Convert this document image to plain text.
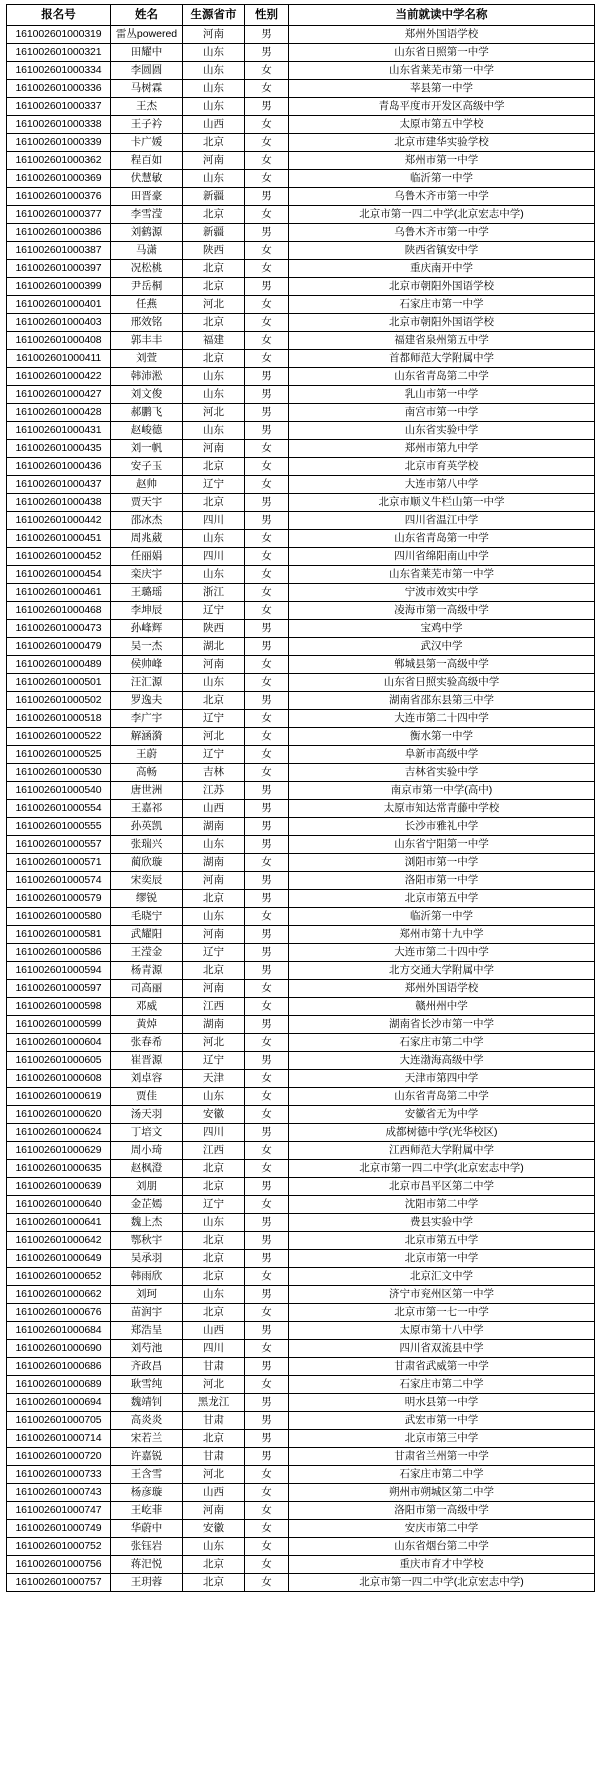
报名号	姓名	生源省市	性别	当前就读中学名称
161002601000319	雷丛powered	河南	男	郑州外国语学校
161002601000321	田耀中	山东	男	山东省日照第一中学
161002601000334	李圆圆	山东	女	山东省莱芜市第一中学
161002601000336	马树霖	山东	女	莘县第一中学
161002601000337	王杰	山东	男	青岛平度市开发区高级中学
161002601000338	王子衿	山西	女	太原市第五中学校
161002601000339	卡广媛	北京	女	北京市建华实验学校
161002601000362	程百如	河南	女	郑州市第一中学
161002601000369	伏慧敏	山东	女	临沂第一中学
161002601000376	田晋豪	新疆	男	乌鲁木齐市第一中学
161002601000377	李雪滢	北京	女	北京市第一四二中学(北京宏志中学)
161002601000386	刘鹤源	新疆	男	乌鲁木齐市第一中学
161002601000387	马潇	陕西	女	陕西省镇安中学
161002601000397	况松桃	北京	女	重庆南开中学
161002601000399	尹岳桐	北京	男	北京市朝阳外国语学校
161002601000401	任燕	河北	女	石家庄市第一中学
161002601000403	邢效铭	北京	女	北京市朝阳外国语学校
161002601000408	郭丰丰	福建	女	福建省泉州第五中学
161002601000411	刘萱	北京	女	首都师范大学附属中学
161002601000422	韩沛淞	山东	男	山东省青岛第二中学
161002601000427	刘文俊	山东	男	乳山市第一中学
161002601000428	郝鹏飞	河北	男	南宫市第一中学
161002601000431	赵峻德	山东	男	山东省实验中学
161002601000435	刘一帆	河南	女	郑州市第九中学
161002601000436	安子玉	北京	女	北京市育英学校
161002601000437	赵帅	辽宁	女	大连市第八中学
161002601000438	贾天宇	北京	男	北京市顺义牛栏山第一中学
161002601000442	邵冰杰	四川	男	四川省温江中学
161002601000451	周兆葳	山东	女	山东省青岛第一中学
161002601000452	任丽娟	四川	女	四川省绵阳南山中学
161002601000454	栾庆宇	山东	女	山东省莱芜市第一中学
161002601000461	王璐瑶	浙江	女	宁波市效实中学
161002601000468	李坤辰	辽宁	女	凌海市第一高级中学
161002601000473	孙峰辉	陕西	男	宝鸡中学
161002601000479	吴一杰	湖北	男	武汉中学
161002601000489	侯帅峰	河南	女	郸城县第一高级中学
161002601000501	汪汇源	山东	女	山东省日照实验高级中学
161002601000502	罗逸夫	北京	男	湖南省邵东县第三中学
161002601000518	李广宇	辽宁	女	大连市第二十四中学
161002601000522	解涵漪	河北	女	衡水第一中学
161002601000525	王蔚	辽宁	女	阜新市高级中学
161002601000530	高畅	吉林	女	吉林省实验中学
161002601000540	唐世洲	江苏	男	南京市第一中学(高中)
161002601000554	王嘉祁	山西	男	太原市知达常青藤中学校
161002601000555	孙英凯	湖南	男	长沙市雅礼中学
161002601000557	张瑞兴	山东	男	山东省宁阳第一中学
161002601000571	蔺欣璇	湖南	女	浏阳市第一中学
161002601000574	宋奕辰	河南	男	洛阳市第一中学
161002601000579	缪锐	北京	男	北京市第五中学
161002601000580	毛晓宁	山东	女	临沂第一中学
161002601000581	武耀阳	河南	男	郑州市第十九中学
161002601000586	王滢金	辽宁	男	大连市第二十四中学
161002601000594	杨青源	北京	男	北方交通大学附属中学
161002601000597	司高丽	河南	女	郑州外国语学校
161002601000598	邓威	江西	女	赣州州中学
161002601000599	黄焯	湖南	男	湖南省长沙市第一中学
161002601000604	张春希	河北	女	石家庄市第二中学
161002601000605	崔晋源	辽宁	男	大连渤海高级中学
161002601000608	刘卓容	天津	女	天津市第四中学
161002601000619	贾佳	山东	女	山东省青岛第二中学
161002601000620	汤天羽	安徽	女	安徽省无为中学
161002601000624	丁培文	四川	男	成都树德中学(光华校区)
161002601000629	周小琦	江西	女	江西师范大学附属中学
161002601000635	赵枫澄	北京	女	北京市第一四二中学(北京宏志中学)
161002601000639	刘朋	北京	男	北京市昌平区第二中学
161002601000640	金芷嫣	辽宁	女	沈阳市第二中学
161002601000641	魏上杰	山东	男	费县实验中学
161002601000642	鄂秋宇	北京	男	北京市第五中学
161002601000649	吴承羽	北京	男	北京市第一中学
161002601000652	韩雨欣	北京	女	北京汇文中学
161002601000662	刘珂	山东	男	济宁市兖州区第一中学
161002601000676	苗润宇	北京	女	北京市第一七一中学
161002601000684	郑浩呈	山西	男	太原市第十八中学
161002601000690	刘芍池	四川	女	四川省双流县中学
161002601000686	齐政昌	甘肃	男	甘肃省武威第一中学
161002601000689	耿雪纯	河北	女	石家庄市第二中学
161002601000694	魏靖钊	黑龙江	男	明水县第一中学
161002601000705	高炎炎	甘肃	男	武宏市第一中学
161002601000714	宋若兰	北京	男	北京市第三中学
161002601000720	许嘉锐	甘肃	男	甘肃省兰州第一中学
161002601000733	王含雪	河北	女	石家庄市第二中学
161002601000743	杨彦璇	山西	女	朔州市朔城区第二中学
161002601000747	王屹菲	河南	女	洛阳市第一高级中学
161002601000749	华蔚中	安徽	女	安庆市第二中学
161002601000752	张钰岩	山东	女	山东省烟台第二中学
161002601000756	蒋汜悦	北京	女	重庆市育才中学校
161002601000757	王玥蓉	北京	女	北京市第一四二中学(北京宏志中学)
